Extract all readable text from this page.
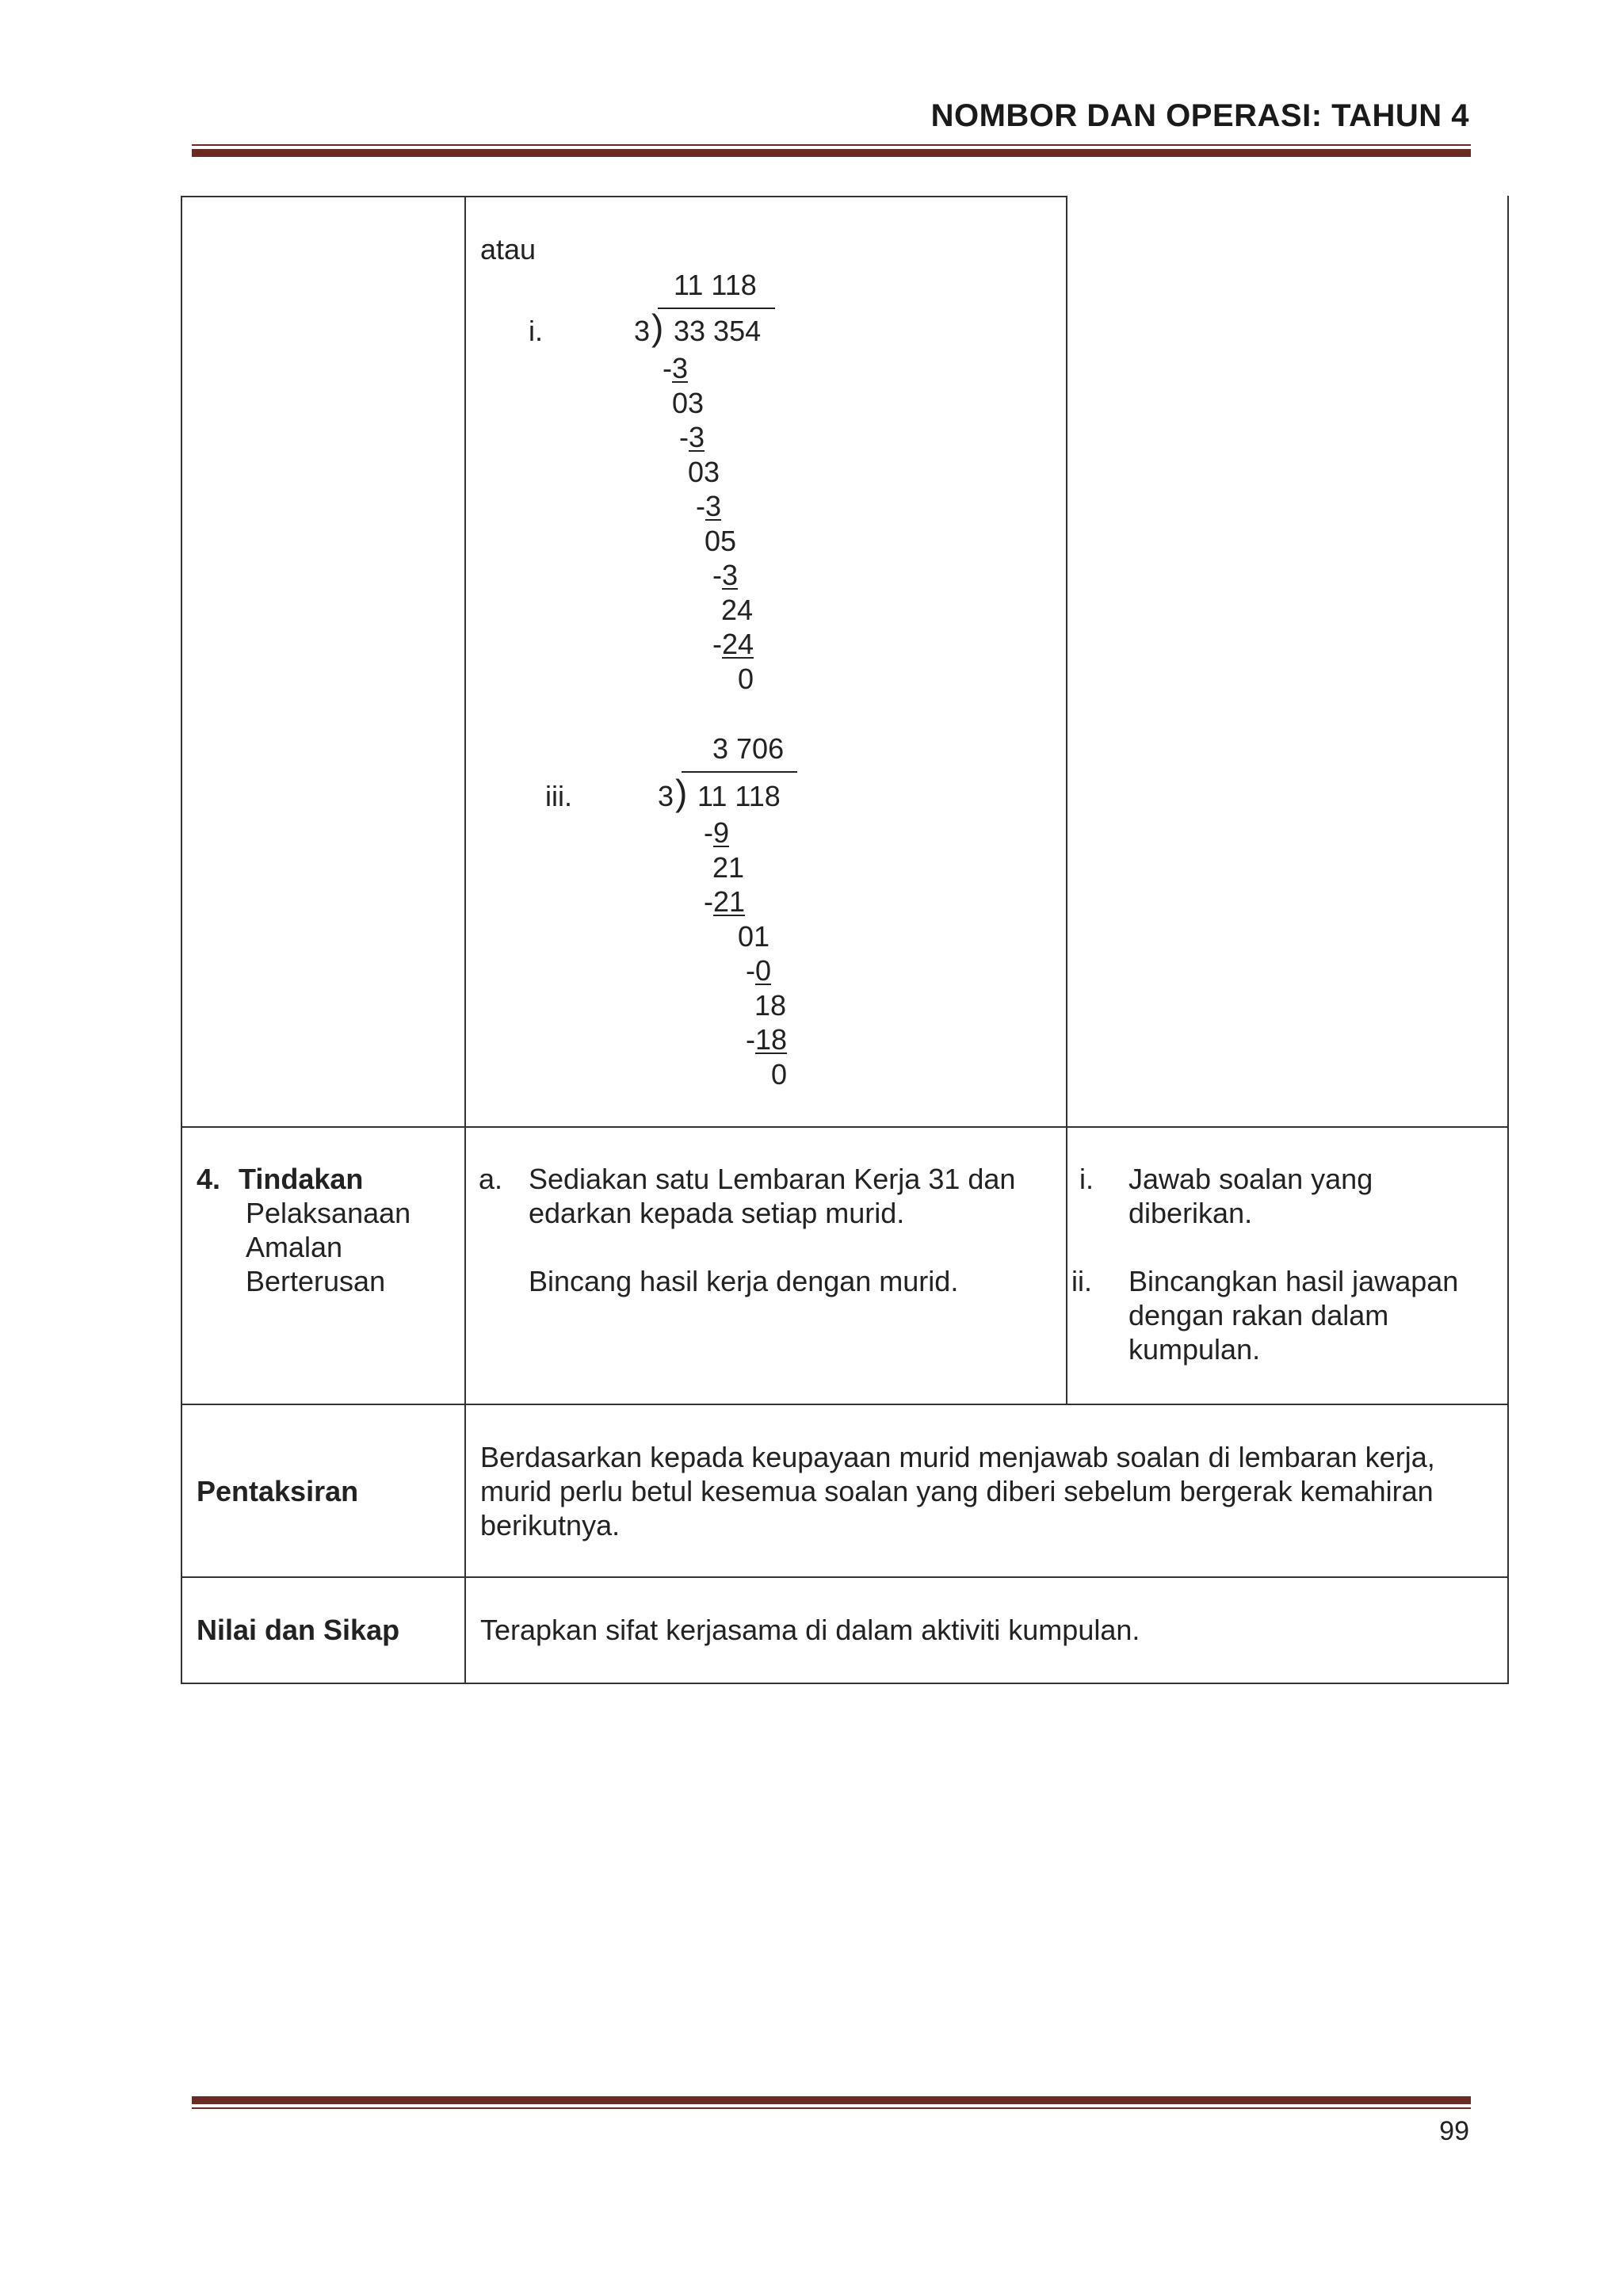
NOMBOR DAN OPERASI: TAHUN 4
atau
i.
11 118
3 ) 33 354
-3
03
-3
03
-3
05
-3
24
-24
0
iii.
3 706
3 ) 11 118
-9
21
-21
01
-0
18
-18
0
4. Tindakan
Pelaksanaan
Amalan
Berterusan
a. Sediakan satu Lembaran Kerja 31 dan
edarkan kepada setiap murid.
Bincang hasil kerja dengan murid.
i. Jawab soalan yang
diberikan.
ii. Bincangkan hasil jawapan
dengan rakan dalam
kumpulan.
Pentaksiran
Berdasarkan kepada keupayaan murid menjawab soalan di lembaran kerja,
murid perlu betul kesemua soalan yang diberi sebelum bergerak kemahiran
berikutnya.
Nilai dan Sikap	Terapkan sifat kerjasama di dalam aktiviti kumpulan.
99
